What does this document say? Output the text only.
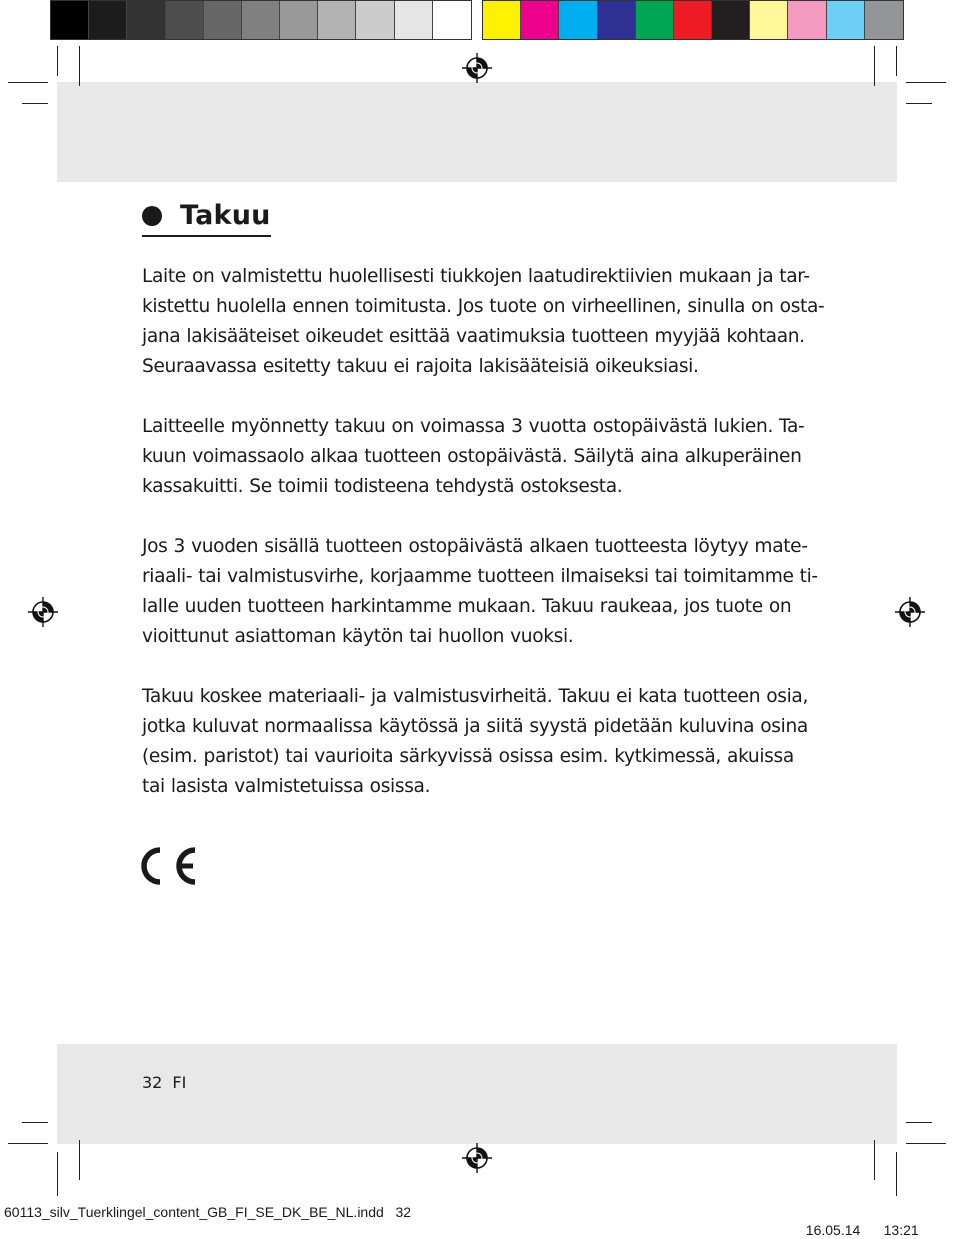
Takuu

Laite on valmistettu huolellisesti tiukkojen laatudirektiivien mukaan ja tar-
kistettu huolella ennen toimitusta. Jos tuote on virheellinen, sinulla on osta-
jana lakisääteiset oikeudet esittää vaatimuksia tuotteen myyjää kohtaan.
Seuraavassa esitetty takuu ei rajoita lakisääteisiä oikeuksiasi.

Laitteelle myönnetty takuu on voimassa 3 vuotta ostopäivästä lukien. Ta-
kuun voimassaolo alkaa tuotteen ostopäivästä. Säilytä aina alkuperäinen
kassakuitti. Se toimii todisteena tehdystä ostoksesta.

Jos 3 vuoden sisällä tuotteen ostopäivästä alkaen tuotteesta löytyy mate-
riaali- tai valmistusvirhe, korjaamme tuotteen ilmaiseksi tai toimitamme ti-
lalle uuden tuotteen harkintamme mukaan. Takuu raukeaa, jos tuote on
vioittunut asiattoman käytön tai huollon vuoksi.

Takuu koskee materiaali- ja valmistusvirheitä. Takuu ei kata tuotteen osia,
jotka kuluvat normaalissa käytössä ja siitä syystä pidetään kuluvina osina
(esim. paristot) tai vaurioita särkyvissä osissa esim. kytkimessä, akuissa
tai lasista valmistetuissa osissa.

32 FI
60113_silv_Tuerklingel_content_GB_FI_SE_DK_BE_NL.indd   32

16.05.14 13:21
